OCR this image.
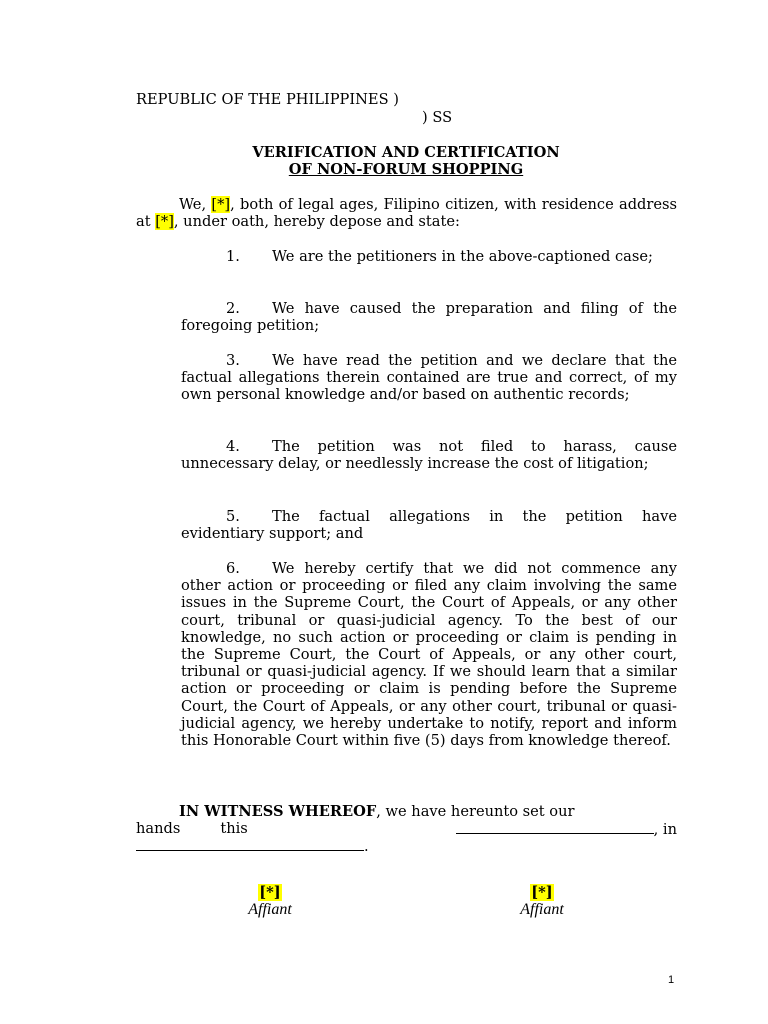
REPUBLIC OF THE PHILIPPINES )
) SS
VERIFICATION AND CERTIFICATION
OF NON-FORUM SHOPPING
We, [*], both of legal ages, Filipino citizen, with residence address at [*], under oath, hereby depose and state:
1. We are the petitioners in the above-captioned case;
2. We have caused the preparation and filing of the foregoing petition;
3. We have read the petition and we declare that the factual allegations therein contained are true and correct, of my own personal knowledge and/or based on authentic records;
4. The petition was not filed to harass, cause unnecessary delay, or needlessly increase the cost of litigation;
5. The factual allegations in the petition have evidentiary support; and
6. We hereby certify that we did not commence any other action or proceeding or filed any claim involving the same issues in the Supreme Court, the Court of Appeals, or any other court, tribunal or quasi-judicial agency. To the best of our knowledge, no such action or proceeding or claim is pending in the Supreme Court, the Court of Appeals, or any other court, tribunal or quasi-judicial agency. If we should learn that a similar action or proceeding or claim is pending before the Supreme Court, the Court of Appeals, or any other court, tribunal or quasi-judicial agency, we hereby undertake to notify, report and inform this Honorable Court within five (5) days from knowledge thereof.
IN WITNESS WHEREOF, we have hereunto set our
hands	this	, in
.
[*]
Affiant
[*]
Affiant
1
